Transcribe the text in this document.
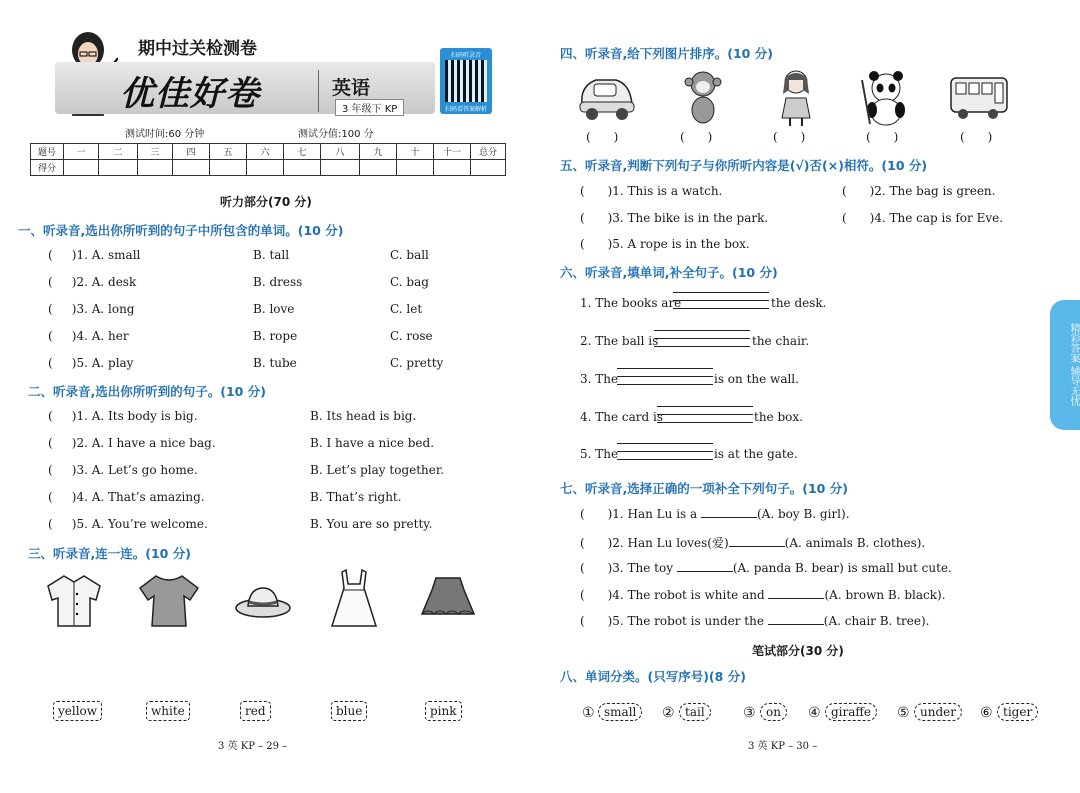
期中过关检测卷
优佳好卷	英语
3 年级下 KP
扫码听录音
扫码看答案解析
测试时间:60 分钟	测试分值:100 分
题号	一	二	三	四	五	六	七	八	九	十	十一	总分
得分												
听力部分(70 分)
一、听录音,选出你所听到的句子中所包含的单词。(10 分)
(     )1. A. small	B. tall	C. ball
(     )2. A. desk	B. dress	C. bag
(     )3. A. long	B. love	C. let
(     )4. A. her	B. rope	C. rose
(     )5. A. play	B. tube	C. pretty
二、听录音,选出你所听到的句子。(10 分)
(     )1. A. Its body is big.	B. Its head is big.
(     )2. A. I have a nice bag.	B. I have a nice bed.
(     )3. A. Let’s go home.	B. Let’s play together.
(     )4. A. That’s amazing.	B. That’s right.
(     )5. A. You’re welcome.	B. You are so pretty.
三、听录音,连一连。(10 分)
yellow	white	red	blue	pink
3 英 KP – 29 –
四、听录音,给下列图片排序。(10 分)
(      )	(      )	(      )	(      )	(      )
五、听录音,判断下列句子与你所听内容是(√)否(×)相符。(10 分)
(      )1. This is a watch.	(      )2. The bag is green.
(      )3. The bike is in the park.	(      )4. The cap is for Eve.
(      )5. A rope is in the box.
六、听录音,填单词,补全句子。(10 分)
1. The books are	the desk.
2. The ball is	the chair.
3. The	is on the wall.
4. The card is	the box.
5. The	is at the gate.
七、听录音,选择正确的一项补全下列句子。(10 分)
(      )1. Han Lu is a	(A. boy B. girl).
(      )2. Han Lu loves(爱)	(A. animals B. clothes).
(      )3. The toy	(A. panda B. bear) is small but cute.
(      )4. The robot is white and	(A. brown B. black).
(      )5. The robot is under the	(A. chair B. tree).
笔试部分(30 分)
八、单词分类。(只写序号)(8 分)
① small	② tail	③ on	④ giraffe	⑤ under	⑥ tiger
3 英 KP – 30 –
精彩答案 辅导无忧
